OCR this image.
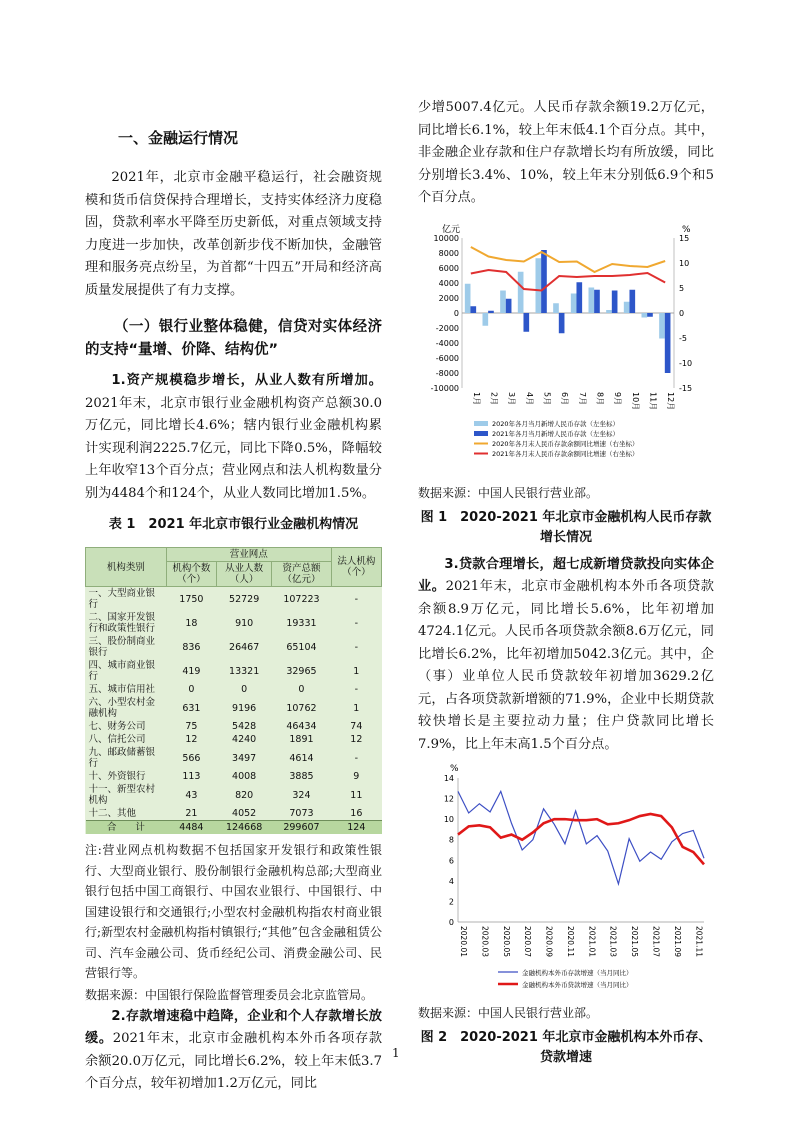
一、金融运行情况

2021年，北京市金融平稳运行，社会融资规模和货币信贷保持合理增长，支持实体经济力度稳固，贷款利率水平降至历史新低，对重点领域支持力度进一步加快，改革创新步伐不断加快，金融管理和服务亮点纷呈，为首都“十四五”开局和经济高质量发展提供了有力支撑。

（一）银行业整体稳健，信贷对实体经济的支持“量增、价降、结构优”

1.资产规模稳步增长，从业人数有所增加。2021年末，北京市银行业金融机构资产总额30.0万亿元，同比增长4.6%；辖内银行业金融机构累计实现利润2225.7亿元，同比下降0.5%，降幅较上年收窄13个百分点；营业网点和法人机构数量分别为4484个和124个，从业人数同比增加1.5%。

表 1　2021 年北京市银行业金融机构情况
机构类别	营业网点			法人机构（个）
	机构个数（个）	从业人数（人）	资产总额（亿元）	
一、大型商业银行	1750	52729	107223	-
二、国家开发银行和政策性银行	18	910	19331	-
三、股份制商业银行	836	26467	65104	-
四、城市商业银行	419	13321	32965	1
五、城市信用社	0	0	0	-
六、小型农村金融机构	631	9196	10762	1
七、财务公司	75	5428	46434	74
八、信托公司	12	4240	1891	12
九、邮政储蓄银行	566	3497	4614	-
十、外资银行	113	4008	3885	9
十一、新型农村机构	43	820	324	11
十二、其他	21	4052	7073	16
合　　计	4484	124668	299607	124

注:营业网点机构数据不包括国家开发银行和政策性银行、大型商业银行、股份制银行金融机构总部;大型商业银行包括中国工商银行、中国农业银行、中国银行、中国建设银行和交通银行;小型农村金融机构指农村商业银行;新型农村金融机构指村镇银行;“其他”包含金融租赁公司、汽车金融公司、货币经纪公司、消费金融公司、民营银行等。

数据来源：中国银行保险监督管理委员会北京监管局。

2.存款增速稳中趋降，企业和个人存款增长放缓。2021年末，北京市金融机构本外币各项存款余额20.0万亿元，同比增长6.2%，较上年末低3.7个百分点，较年初增加1.2万亿元，同比

少增5007.4亿元。人民币存款余额19.2万亿元，同比增长6.1%，较上年末低4.1个百分点。其中，非金融企业存款和住户存款增长均有所放缓，同比分别增长3.4%、10%，较上年末分别低6.9个和5个百分点。

亿元	%
10000
8000
6000
4000
2000
0
-2000
-4000
-6000
-8000
-10000
15
10
5
0
-5
-10
-15
1月 2月 3月 4月 5月 6月 7月 8月 9月 10月 11月 12月
2020年各月当月新增人民币存款（左坐标）
2021年各月当月新增人民币存款（左坐标）
2020年各月末人民币存款余额同比增速（右坐标）
2021年各月末人民币存款余额同比增速（右坐标）

数据来源：中国人民银行营业部。

图 1　2020-2021 年北京市金融机构人民币存款增长情况

3.贷款合理增长，超七成新增贷款投向实体企业。2021年末，北京市金融机构本外币各项贷款余额8.9万亿元，同比增长5.6%，比年初增加4724.1亿元。人民币各项贷款余额8.6万亿元，同比增长6.2%，比年初增加5042.3亿元。其中，企（事）业单位人民币贷款较年初增加3629.2亿元，占各项贷款新增额的71.9%，企业中长期贷款较快增长是主要拉动力量；住户贷款同比增长7.9%，比上年末高1.5个百分点。

%
14
12
10
8
6
4
2
0
2020.01 2020.03 2020.05 2020.07 2020.09 2020.11 2021.01 2021.03 2021.05 2021.07 2021.09 2021.11
金融机构本外币存款增速（当月同比）
金融机构本外币贷款增速（当月同比）

数据来源：中国人民银行营业部。

图 2　2020-2021 年北京市金融机构本外币存、贷款增速
1
